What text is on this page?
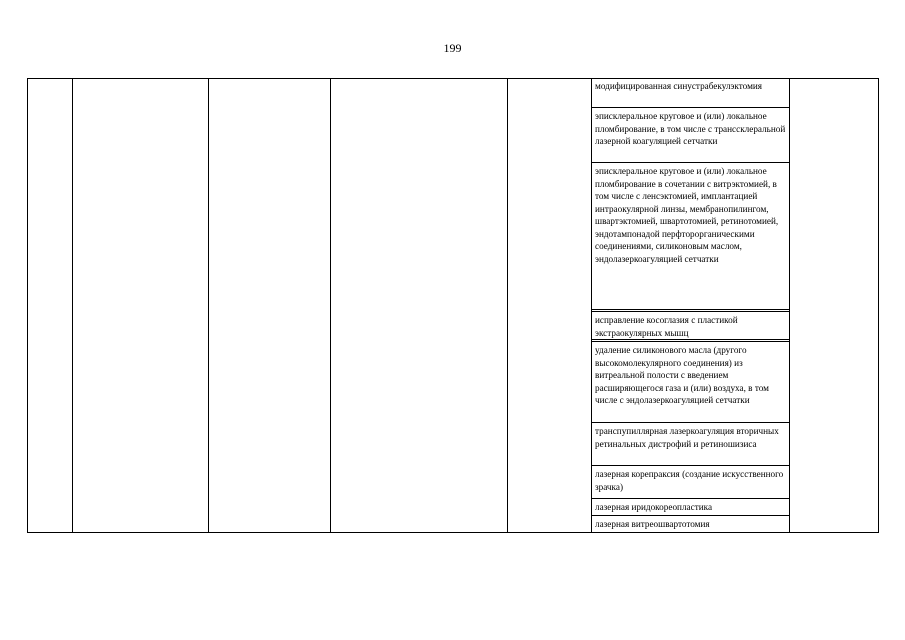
199
модифицированная синустрабекулэктомия
эписклеральное круговое и (или) локальное пломбирование, в том числе с транссклеральной лазерной коагуляцией сетчатки
эписклеральное круговое и (или) локальное пломбирование в сочетании с витрэктомией, в том числе с ленсэктомией, имплантацией интраокулярной линзы, мембранопилингом, швартэктомией, швартотомией, ретинотомией, эндотампонадой перфторорганическими соединениями, силиконовым маслом, эндолазеркоагуляцией сетчатки
исправление косоглазия с пластикой экстраокулярных мышц
удаление силиконового масла (другого высокомолекулярного соединения) из витреальной полости с введением расширяющегося газа и (или) воздуха, в том числе с эндолазеркоагуляцией сетчатки
транспупиллярная лазеркоагуляция вторичных ретинальных дистрофий и ретиношизиса
лазерная корепраксия (создание искусственного зрачка)
лазерная иридокореопластика
лазерная витреошвартотомия
